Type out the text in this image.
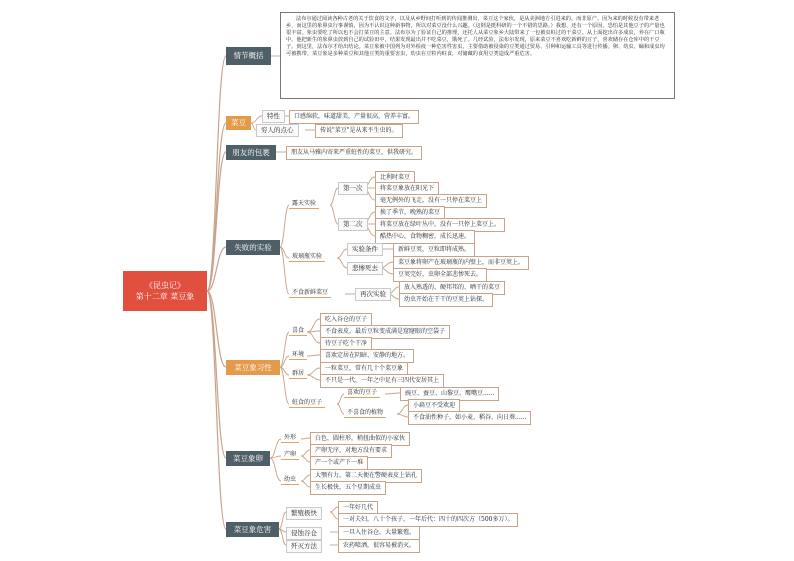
《昆虫记》
第十二章 菜豆象
情节概括
法布尔通过阅读各种古老的关于饮食的文字，以及从乡野间打听到的传闻推测出，菜豆这个家伙，是从美洲地方引进来的。而非原产。因为来的时候没有带来老乡，而这里的象鼻虫行事谨慎，因为不认识这种新事物，所以对菜豆没什么兴趣。（这倒是挺科研的一个不错的思路。）我想，还有一个原因，恐怕是其他豆子的产量也很丰富。象虫要吃了所以也不会打菜豆的主意。法布尔为了验证自己的推理，还托人从菜豆象乡大陆带来了一包被虫蛀过的干菜豆。从上面挖出许多成虫，养在广口瓶中。他把新生的象鼻虫放到自己的试验田中，结果发现最出并不吃菜豆，饿死了。几经试验，法布尔发现，原来菜豆不喜欢吃新鲜的豆子，喜欢储存在仓库中的干豆子。到这里，法布尔才给出结论。菜豆象被中国列为对外检疫一种危害性害虫，主要借助被侵染的豆类通过贸易、引种和运输工具等进行传播。卵、幼虫、蛹和成虫均可被携带。菜豆象是多种菜豆和其他豆类的重要害虫，幼虫在豆粒内蛀食，对储藏的食用豆类造成严重危害。
菜豆
特性	口感绵软，味道甜美，产量很高，营养丰富。
穷人的点心	传说"菜豆"是从来不生虫的。
朋友的包裹	朋友从马雅内寄来严重蛀性的菜豆，供我研究。
失败的实验
露天实验
第一次
比利时菜豆
将菜豆象放在阳光下
毫无例外的飞走，没有一只停在菜豆上
第二次
换了季节，晚熟的菜豆
将菜豆放在绿叶丛中，没有一只停上菜豆上。
酷热中心，食物稠密，成长迅速。
玻璃瓶实验
实验条件	新鲜豆荚，豆粒即将成熟。
悲惨死去
菜豆象将卵产在玻璃瓶的内壁上，而非豆荚上。
豆荚完好，虫卵全部悲惨死去。
不食新鲜菜豆	再次实验
放入熟透的、硬邦邦的、晒干的菜豆
幼虫开始在干干的豆荚上钻探。
菜豆象习性
喜食
吃入谷仓的豆子
不食表皮，最后豆粒变成满是窟窿眼的空袋子
待豆子吃个干净
环境	喜欢定居在阴暗、安静的地方。
群居
一粒菜豆，常有几十个菜豆象
不只是一代，一年之中足有三四代安居其上
蛀食的豆子
喜欢的豆子	豌豆、蚕豆、山黎豆、鹰嘴豆......
不喜食的植物
小扁豆不受欢迎
不食油性种子，如小麦、稻谷、向日葵......
菜豆象卵
外形	白色，圆柱形，稍扭曲似的小家伙
产卵
产卵无序，对地方没有要求
产一个或产下一堆
幼虫
大颚有力，第二天便在警硬表皮上钻孔
生长极快，五个星期成虫
菜豆象危害
繁殖极快
一年好几代
一对夫妇，八十个孩子，一年后代：四十的四次方（500多万）。
侵蚀谷仓	一旦入住谷仓，大量繁殖。
歼灭方法	农药喷洒，很容易被消灭。
